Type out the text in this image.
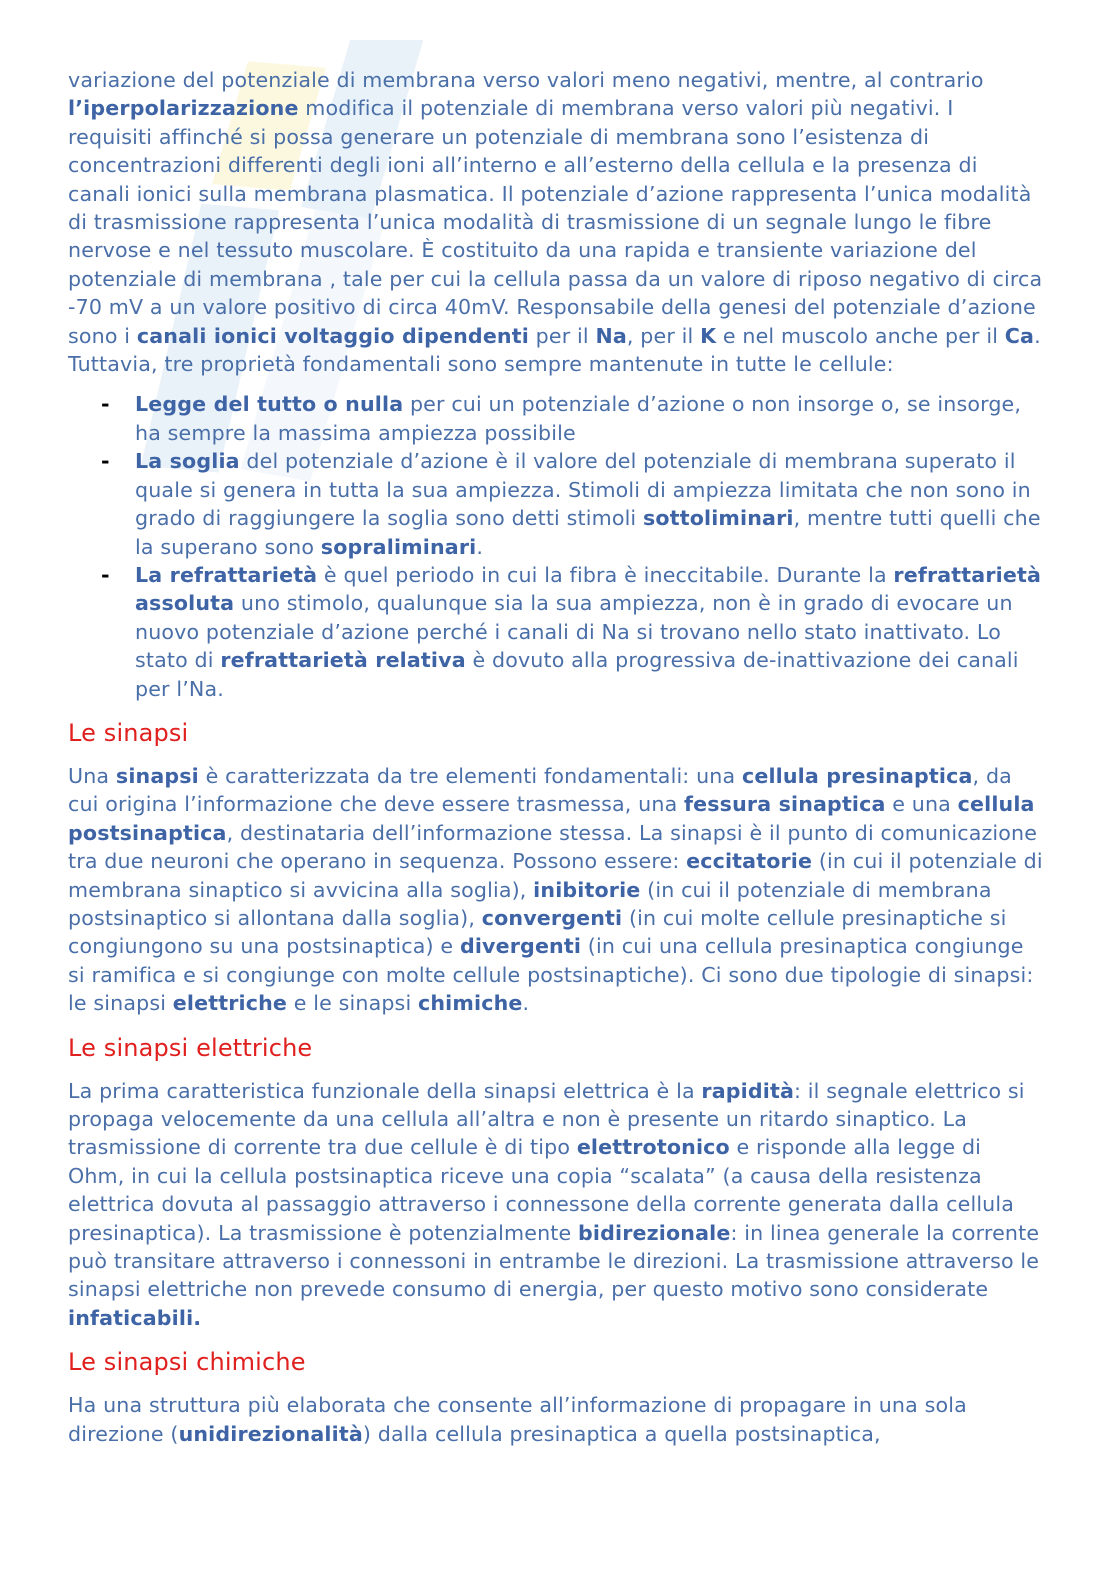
variazione del potenziale di membrana verso valori meno negativi, mentre, al contrario l’iperpolarizzazione modifica il potenziale di membrana verso valori più negativi. I requisiti affinché si possa generare un potenziale di membrana sono l’esistenza di concentrazioni differenti degli ioni all’interno e all’esterno della cellula e la presenza di canali ionici sulla membrana plasmatica. Il potenziale d’azione rappresenta l’unica modalità di trasmissione rappresenta l’unica modalità di trasmissione di un segnale lungo le fibre nervose e nel tessuto muscolare. È costituito da una rapida e transiente variazione del potenziale di membrana , tale per cui la cellula passa da un valore di riposo negativo di circa -70 mV a un valore positivo di circa 40mV. Responsabile della genesi del potenziale d’azione sono i canali ionici voltaggio dipendenti per il Na, per il K e nel muscolo anche per il Ca. Tuttavia, tre proprietà fondamentali sono sempre mantenute in tutte le cellule:

- Legge del tutto o nulla per cui un potenziale d’azione o non insorge o, se insorge, ha sempre la massima ampiezza possibile
- La soglia del potenziale d’azione è il valore del potenziale di membrana superato il quale si genera in tutta la sua ampiezza. Stimoli di ampiezza limitata che non sono in grado di raggiungere la soglia sono detti stimoli sottoliminari, mentre tutti quelli che la superano sono sopraliminari.
- La refrattarietà è quel periodo in cui la fibra è ineccitabile. Durante la refrattarietà assoluta uno stimolo, qualunque sia la sua ampiezza, non è in grado di evocare un nuovo potenziale d’azione perché i canali di Na si trovano nello stato inattivato. Lo stato di refrattarietà relativa è dovuto alla progressiva de-inattivazione dei canali per l’Na.
Le sinapsi

Una sinapsi è caratterizzata da tre elementi fondamentali: una cellula presinaptica, da cui origina l’informazione che deve essere trasmessa, una fessura sinaptica e una cellula postsinaptica, destinataria dell’informazione stessa. La sinapsi è il punto di comunicazione tra due neuroni che operano in sequenza. Possono essere: eccitatorie (in cui il potenziale di membrana sinaptico si avvicina alla soglia), inibitorie (in cui il potenziale di membrana postsinaptico si allontana dalla soglia), convergenti (in cui molte cellule presinaptiche si congiungono su una postsinaptica) e divergenti (in cui una cellula presinaptica congiunge si ramifica e si congiunge con molte cellule postsinaptiche). Ci sono due tipologie di sinapsi: le sinapsi elettriche e le sinapsi chimiche.

Le sinapsi elettriche

La prima caratteristica funzionale della sinapsi elettrica è la rapidità: il segnale elettrico si propaga velocemente da una cellula all’altra e non è presente un ritardo sinaptico. La trasmissione di corrente tra due cellule è di tipo elettrotonico e risponde alla legge di Ohm, in cui la cellula postsinaptica riceve una copia “scalata” (a causa della resistenza elettrica dovuta al passaggio attraverso i connessone della corrente generata dalla cellula presinaptica). La trasmissione è potenzialmente bidirezionale: in linea generale la corrente può transitare attraverso i connessoni in entrambe le direzioni. La trasmissione attraverso le sinapsi elettriche non prevede consumo di energia, per questo motivo sono considerate infaticabili.

Le sinapsi chimiche

Ha una struttura più elaborata che consente all’informazione di propagare in una sola direzione (unidirezionalità) dalla cellula presinaptica a quella postsinaptica,
